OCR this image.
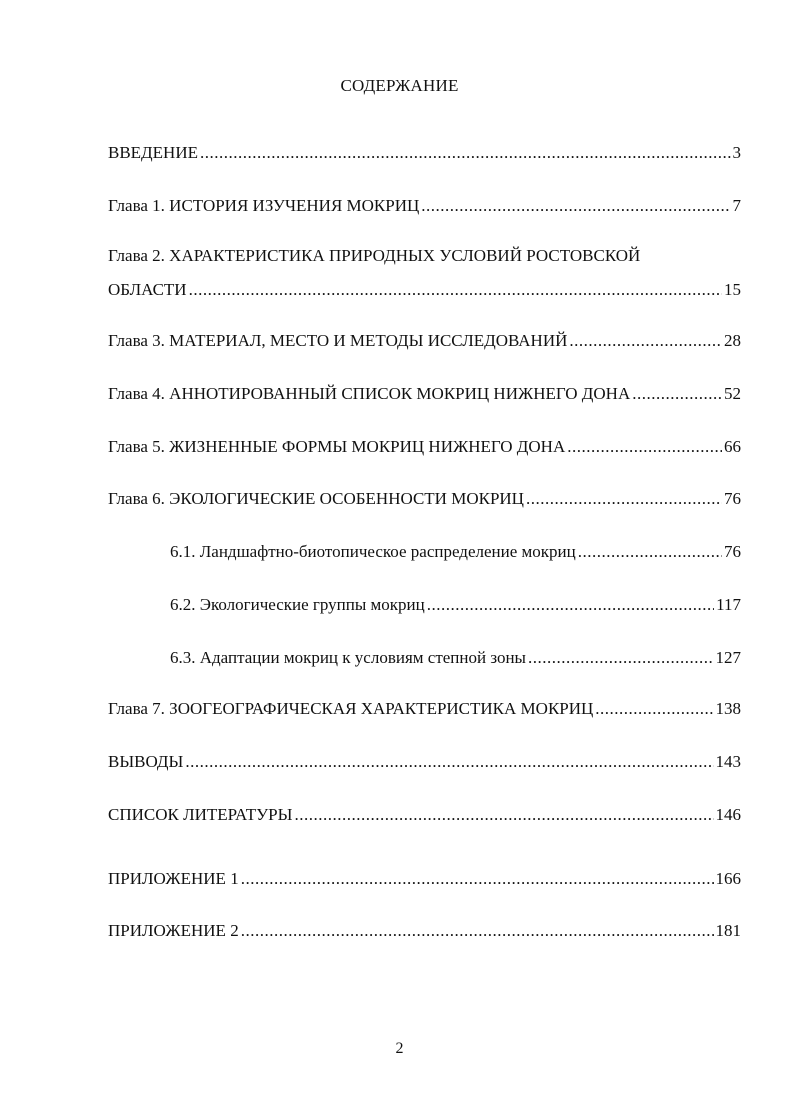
СОДЕРЖАНИЕ
ВВЕДЕНИЕ .....	3
Глава 1. ИСТОРИЯ ИЗУЧЕНИЯ МОКРИЦ .....	7
Глава 2. ХАРАКТЕРИСТИКА ПРИРОДНЫХ УСЛОВИЙ РОСТОВСКОЙ
ОБЛАСТИ .....	15
Глава 3. МАТЕРИАЛ, МЕСТО И МЕТОДЫ ИССЛЕДОВАНИЙ .....	28
Глава 4. АННОТИРОВАННЫЙ СПИСОК МОКРИЦ НИЖНЕГО ДОНА .....	52
Глава 5. ЖИЗНЕННЫЕ ФОРМЫ МОКРИЦ НИЖНЕГО ДОНА .....	66
Глава 6. ЭКОЛОГИЧЕСКИЕ ОСОБЕННОСТИ МОКРИЦ .....	76
6.1. Ландшафтно-биотопическое распределение мокриц .....	76
6.2. Экологические группы мокриц .....	117
6.3. Адаптации мокриц к условиям степной зоны .....	127
Глава 7. ЗООГЕОГРАФИЧЕСКАЯ ХАРАКТЕРИСТИКА МОКРИЦ .....	138
ВЫВОДЫ .....	143
СПИСОК ЛИТЕРАТУРЫ .....	146
ПРИЛОЖЕНИЕ 1 .....	166
ПРИЛОЖЕНИЕ 2 .....	181
2
